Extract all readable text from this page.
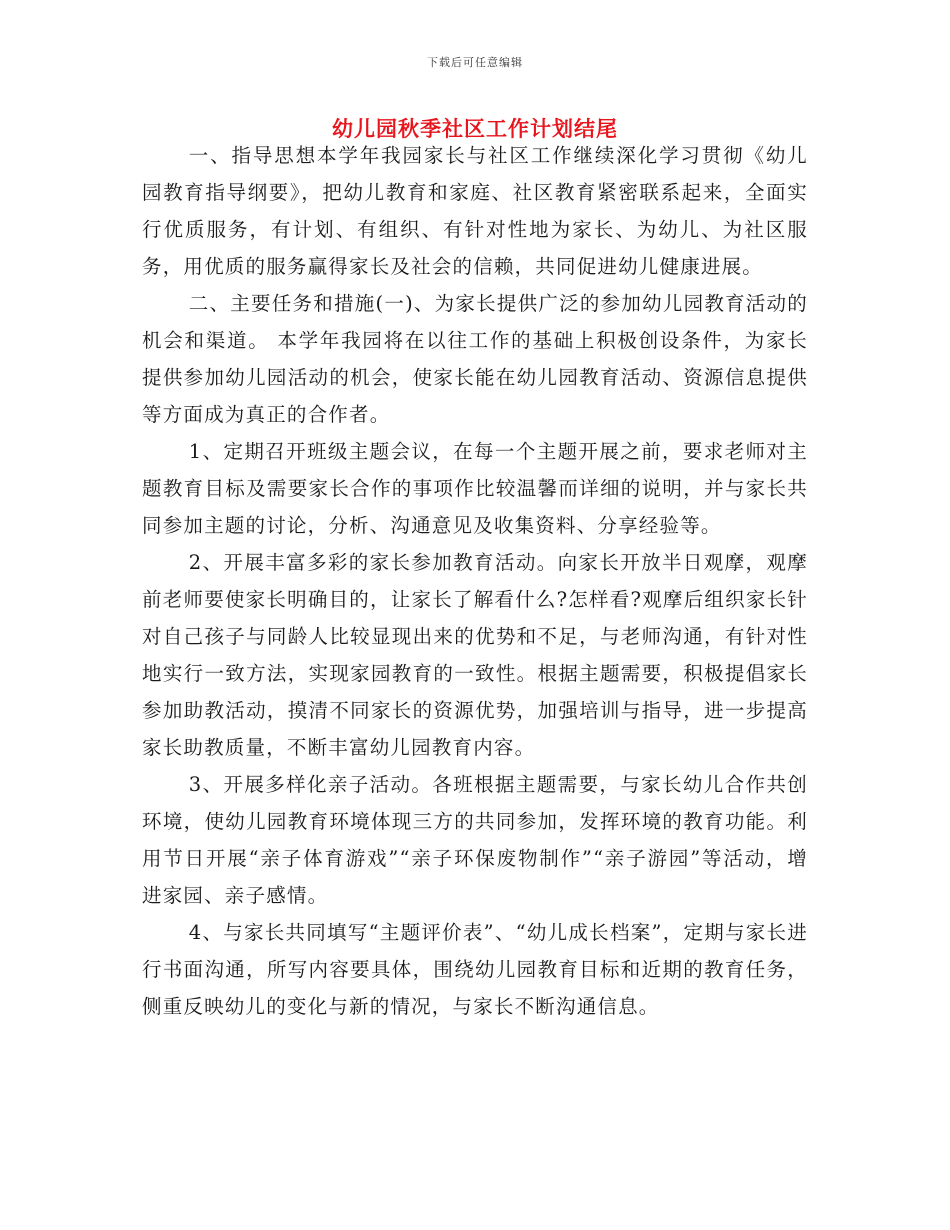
下载后可任意编辑
幼儿园秋季社区工作计划结尾

一、指导思想本学年我园家长与社区工作继续深化学习贯彻《幼儿园教育指导纲要》，把幼儿教育和家庭、社区教育紧密联系起来，全面实行优质服务，有计划、有组织、有针对性地为家长、为幼儿、为社区服务，用优质的服务赢得家长及社会的信赖，共同促进幼儿健康进展。

二、主要任务和措施(一)、为家长提供广泛的参加幼儿园教育活动的机会和渠道。 本学年我园将在以往工作的基础上积极创设条件，为家长提供参加幼儿园活动的机会，使家长能在幼儿园教育活动、资源信息提供等方面成为真正的合作者。

1、定期召开班级主题会议，在每一个主题开展之前，要求老师对主题教育目标及需要家长合作的事项作比较温馨而详细的说明，并与家长共同参加主题的讨论，分析、沟通意见及收集资料、分享经验等。

2、开展丰富多彩的家长参加教育活动。向家长开放半日观摩，观摩前老师要使家长明确目的，让家长了解看什么?怎样看?观摩后组织家长针对自己孩子与同龄人比较显现出来的优势和不足，与老师沟通，有针对性地实行一致方法，实现家园教育的一致性。根据主题需要，积极提倡家长参加助教活动，摸清不同家长的资源优势，加强培训与指导，进一步提高家长助教质量，不断丰富幼儿园教育内容。

3、开展多样化亲子活动。各班根据主题需要，与家长幼儿合作共创环境，使幼儿园教育环境体现三方的共同参加，发挥环境的教育功能。利用节日开展“亲子体育游戏”“亲子环保废物制作”“亲子游园”等活动，增进家园、亲子感情。

4、与家长共同填写“主题评价表”、“幼儿成长档案”，定期与家长进行书面沟通，所写内容要具体，围绕幼儿园教育目标和近期的教育任务，侧重反映幼儿的变化与新的情况，与家长不断沟通信息。
